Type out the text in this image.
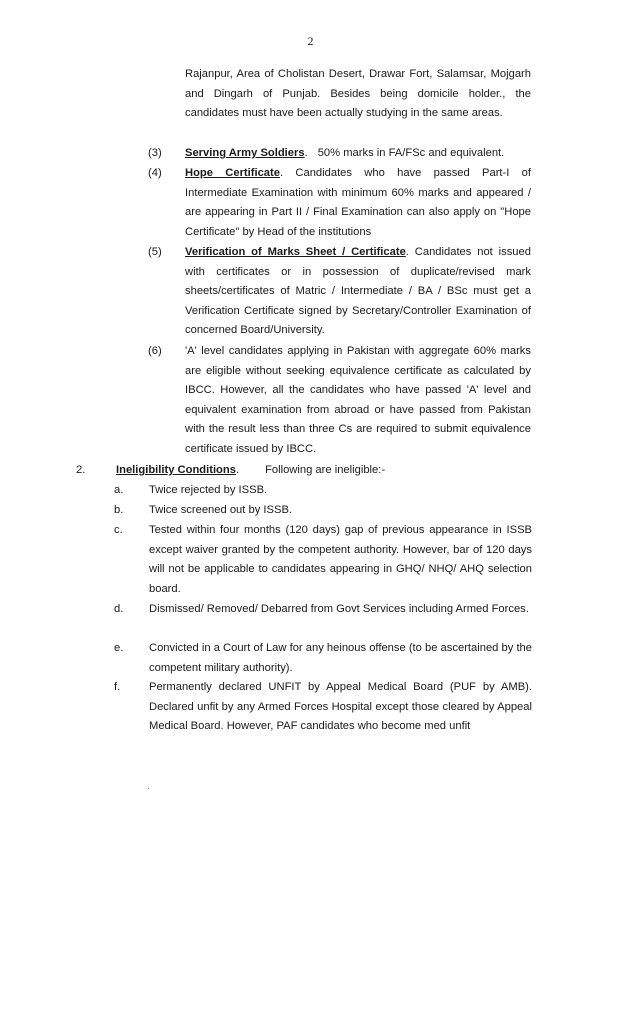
2

Rajanpur, Area of Cholistan Desert, Drawar Fort, Salamsar, Mojgarh and Dingarh of Punjab. Besides being domicile holder., the candidates must have been actually studying in the same areas.

(3) Serving Army Soldiers. 50% marks in FA/FSc and equivalent.
(4) Hope Certificate. Candidates who have passed Part-I of Intermediate Examination with minimum 60% marks and appeared / are appearing in Part II / Final Examination can also apply on "Hope Certificate" by Head of the institutions
(5) Verification of Marks Sheet / Certificate. Candidates not issued with certificates or in possession of duplicate/revised mark sheets/certificates of Matric / Intermediate / BA / BSc must get a Verification Certificate signed by Secretary/Controller Examination of concerned Board/University.
(6) 'A' level candidates applying in Pakistan with aggregate 60% marks are eligible without seeking equivalence certificate as calculated by IBCC. However, all the candidates who have passed 'A' level and equivalent examination from abroad or have passed from Pakistan with the result less than three Cs are required to submit equivalence certificate issued by IBCC.
2.	Ineligibility Conditions. Following are ineligible:-
a. Twice rejected by ISSB.
b. Twice screened out by ISSB.
c. Tested within four months (120 days) gap of previous appearance in ISSB except waiver granted by the competent authority. However, bar of 120 days will not be applicable to candidates appearing in GHQ/ NHQ/ AHQ selection board.
d. Dismissed/ Removed/ Debarred from Govt Services including Armed Forces.
e. Convicted in a Court of Law for any heinous offense (to be ascertained by the competent military authority).
f.	Permanently declared UNFIT by Appeal Medical Board (PUF by AMB). Declared unfit by any Armed Forces Hospital except those cleared by Appeal Medical Board. However, PAF candidates who become med unfit
